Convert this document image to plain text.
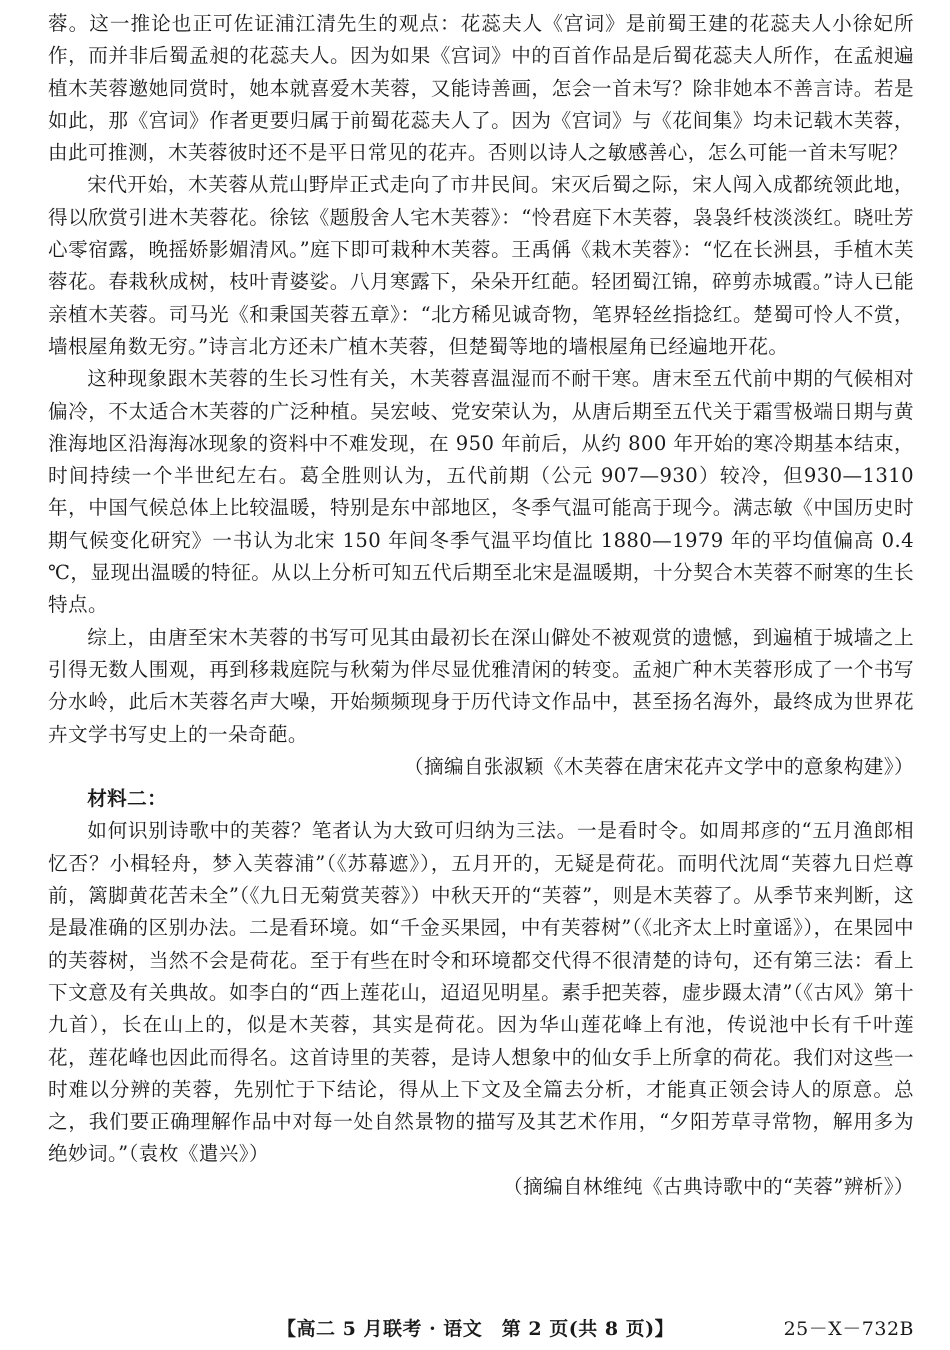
蓉。这一推论也正可佐证浦江清先生的观点：花蕊夫人《宫词》是前蜀王建的花蕊夫人小徐妃所作，而并非后蜀孟昶的花蕊夫人。因为如果《宫词》中的百首作品是后蜀花蕊夫人所作，在孟昶遍植木芙蓉邀她同赏时，她本就喜爱木芙蓉，又能诗善画，怎会一首未写？除非她本不善言诗。若是如此，那《宫词》作者更要归属于前蜀花蕊夫人了。因为《宫词》与《花间集》均未记载木芙蓉，由此可推测，木芙蓉彼时还不是平日常见的花卉。否则以诗人之敏感善心，怎么可能一首未写呢？

宋代开始，木芙蓉从荒山野岸正式走向了市井民间。宋灭后蜀之际，宋人闯入成都统领此地，得以欣赏引进木芙蓉花。徐铉《题殷舍人宅木芙蓉》：“怜君庭下木芙蓉，袅袅纤枝淡淡红。晓吐芳心零宿露，晚摇娇影媚清风。”庭下即可栽种木芙蓉。王禹偁《栽木芙蓉》：“忆在长洲县，手植木芙蓉花。春栽秋成树，枝叶青婆娑。八月寒露下，朵朵开红葩。轻团蜀江锦，碎剪赤城霞。”诗人已能亲植木芙蓉。司马光《和秉国芙蓉五章》：“北方稀见诚奇物，笔界轻丝指捻红。楚蜀可怜人不赏，墙根屋角数无穷。”诗言北方还未广植木芙蓉，但楚蜀等地的墙根屋角已经遍地开花。

这种现象跟木芙蓉的生长习性有关，木芙蓉喜温湿而不耐干寒。唐末至五代前中期的气候相对偏冷，不太适合木芙蓉的广泛种植。吴宏岐、党安荣认为，从唐后期至五代关于霜雪极端日期与黄淮海地区沿海海冰现象的资料中不难发现，在 950 年前后，从约 800 年开始的寒冷期基本结束，时间持续一个半世纪左右。葛全胜则认为，五代前期（公元 907—930）较冷，但930—1310 年，中国气候总体上比较温暖，特别是东中部地区，冬季气温可能高于现今。满志敏《中国历史时期气候变化研究》一书认为北宋 150 年间冬季气温平均值比 1880—1979 年的平均值偏高 0.4 ℃，显现出温暖的特征。从以上分析可知五代后期至北宋是温暖期，十分契合木芙蓉不耐寒的生长特点。

综上，由唐至宋木芙蓉的书写可见其由最初长在深山僻处不被观赏的遗憾，到遍植于城墙之上引得无数人围观，再到移栽庭院与秋菊为伴尽显优雅清闲的转变。孟昶广种木芙蓉形成了一个书写分水岭，此后木芙蓉名声大噪，开始频频现身于历代诗文作品中，甚至扬名海外，最终成为世界花卉文学书写史上的一朵奇葩。

（摘编自张淑颖《木芙蓉在唐宋花卉文学中的意象构建》）

材料二：

如何识别诗歌中的芙蓉？笔者认为大致可归纳为三法。一是看时令。如周邦彦的“五月渔郎相忆否？小楫轻舟，梦入芙蓉浦”（《苏幕遮》），五月开的，无疑是荷花。而明代沈周“芙蓉九日烂尊前，篱脚黄花苦未全”（《九日无菊赏芙蓉》）中秋天开的“芙蓉”，则是木芙蓉了。从季节来判断，这是最准确的区别办法。二是看环境。如“千金买果园，中有芙蓉树”（《北齐太上时童谣》），在果园中的芙蓉树，当然不会是荷花。至于有些在时令和环境都交代得不很清楚的诗句，还有第三法：看上下文意及有关典故。如李白的“西上莲花山，迢迢见明星。素手把芙蓉，虚步蹑太清”（《古风》第十九首），长在山上的，似是木芙蓉，其实是荷花。因为华山莲花峰上有池，传说池中长有千叶莲花，莲花峰也因此而得名。这首诗里的芙蓉，是诗人想象中的仙女手上所拿的荷花。我们对这些一时难以分辨的芙蓉，先别忙于下结论，得从上下文及全篇去分析，才能真正领会诗人的原意。总之，我们要正确理解作品中对每一处自然景物的描写及其艺术作用，“夕阳芳草寻常物，解用多为绝妙词。”（袁枚《遣兴》）

（摘编自林维纯《古典诗歌中的“芙蓉”辨析》）

【高二 5 月联考 · 语文　第 2 页(共 8 页)】	25－X－732B
